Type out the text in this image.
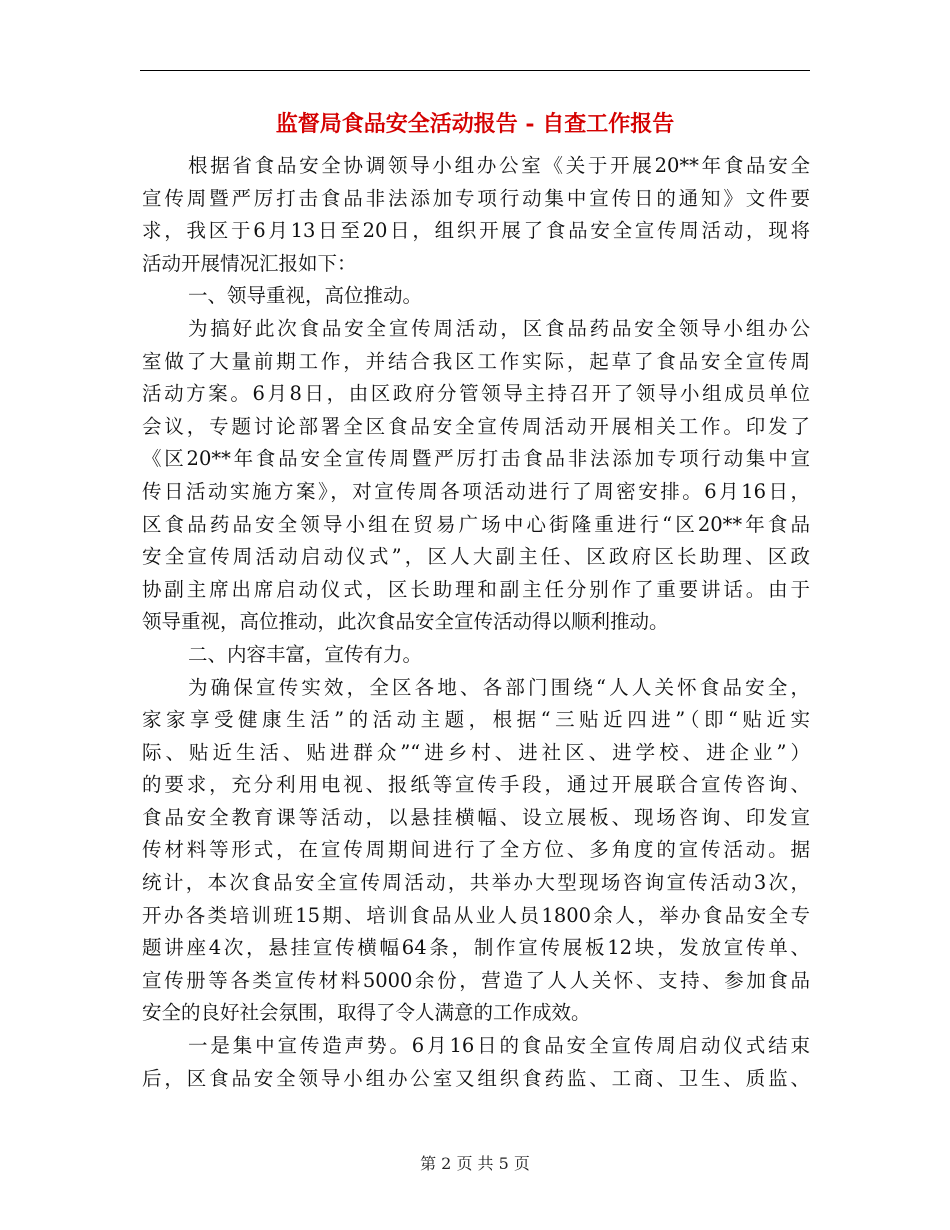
监督局食品安全活动报告 - 自查工作报告
根据省食品安全协调领导小组办公室《关于开展20**年食品安全
宣传周暨严厉打击食品非法添加专项行动集中宣传日的通知》文件要
求，我区于6月13日至20日，组织开展了食品安全宣传周活动，现将
活动开展情况汇报如下：
一、领导重视，高位推动。
为搞好此次食品安全宣传周活动，区食品药品安全领导小组办公
室做了大量前期工作，并结合我区工作实际，起草了食品安全宣传周
活动方案。6月8日，由区政府分管领导主持召开了领导小组成员单位
会议，专题讨论部署全区食品安全宣传周活动开展相关工作。印发了
《区20**年食品安全宣传周暨严厉打击食品非法添加专项行动集中宣
传日活动实施方案》，对宣传周各项活动进行了周密安排。6月16日，
区食品药品安全领导小组在贸易广场中心街隆重进行“区20**年食品
安全宣传周活动启动仪式”，区人大副主任、区政府区长助理、区政
协副主席出席启动仪式，区长助理和副主任分别作了重要讲话。由于
领导重视，高位推动，此次食品安全宣传活动得以顺利推动。
二、内容丰富，宣传有力。
为确保宣传实效，全区各地、各部门围绕“人人关怀食品安全，
家家享受健康生活”的活动主题，根据“三贴近四进”（即“贴近实
际、贴近生活、贴进群众”“进乡村、进社区、进学校、进企业”）
的要求，充分利用电视、报纸等宣传手段，通过开展联合宣传咨询、
食品安全教育课等活动，以悬挂横幅、设立展板、现场咨询、印发宣
传材料等形式，在宣传周期间进行了全方位、多角度的宣传活动。据
统计，本次食品安全宣传周活动，共举办大型现场咨询宣传活动3次，
开办各类培训班15期、培训食品从业人员1800余人，举办食品安全专
题讲座4次，悬挂宣传横幅64条，制作宣传展板12块，发放宣传单、
宣传册等各类宣传材料5000余份，营造了人人关怀、支持、参加食品
安全的良好社会氛围，取得了令人满意的工作成效。
一是集中宣传造声势。6月16日的食品安全宣传周启动仪式结束
后，区食品安全领导小组办公室又组织食药监、工商、卫生、质监、
第 2 页 共 5 页
